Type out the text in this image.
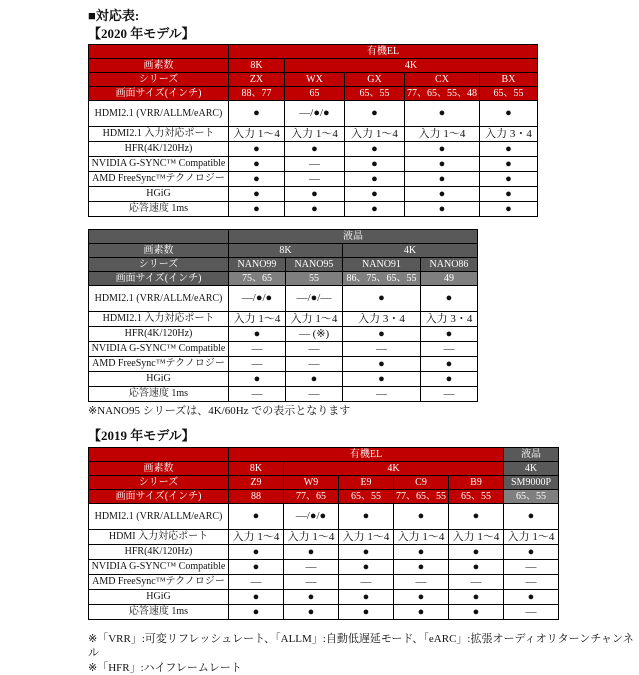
■対応表:
【2020 年モデル】
	有機EL				
画素数	8K	4K			
シリーズ	ZX	WX	GX	CX	BX
画面サイズ(インチ)	88、77	65	65、55	77、65、55、48	65、55
HDMI2.1 (VRR/ALLM/eARC)	●	—/●/●	●	●	●
HDMI2.1 入力対応ポート	入力 1～4	入力 1～4	入力 1～4	入力 1～4	入力 3・4
HFR(4K/120Hz)	●	●	●	●	●
NVIDIA G-SYNC™ Compatible	●	—	●	●	●
AMD FreeSync™テクノロジー	●	—	●	●	●
HGiG	●	●	●	●	●
応答速度 1ms	●	●	●	●	●
	液晶			
画素数	8K		4K	
シリーズ	NANO99	NANO95	NANO91	NANO86
画面サイズ(インチ)	75、65	55	86、75、65、55	49
HDMI2.1 (VRR/ALLM/eARC)	—/●/●	—/●/—	●	●
HDMI2.1 入力対応ポート	入力 1～4	入力 1～4	入力 3・4	入力 3・4
HFR(4K/120Hz)	●	— (※)	●	●
NVIDIA G-SYNC™ Compatible	—	—	—	—
AMD FreeSync™テクノロジー	—	—	●	●
HGiG	●	●	●	●
応答速度 1ms	—	—	—	—
※NANO95 シリーズは、4K/60Hz での表示となります
【2019 年モデル】
	有機EL					液晶
画素数	8K	4K				4K
シリーズ	Z9	W9	E9	C9	B9	SM9000P
画面サイズ(インチ)	88	77、65	65、55	77、65、55	65、55	65、55
HDMI2.1 (VRR/ALLM/eARC)	●	—/●/●	●	●	●	●
HDMI 入力対応ポート	入力 1～4	入力 1～4	入力 1～4	入力 1～4	入力 1～4	入力 1～4
HFR(4K/120Hz)	●	●	●	●	●	●
NVIDIA G-SYNC™ Compatible	●	—	●	●	●	—
AMD FreeSync™テクノロジー	—	—	—	—	—	—
HGiG	●	●	●	●	●	●
応答速度 1ms	●	●	●	●	●	—
※「VRR」:可変リフレッシュレート、「ALLM」:自動低遅延モード、「eARC」:拡張オーディオリターンチャンネル
※「HFR」:ハイフレームレート
